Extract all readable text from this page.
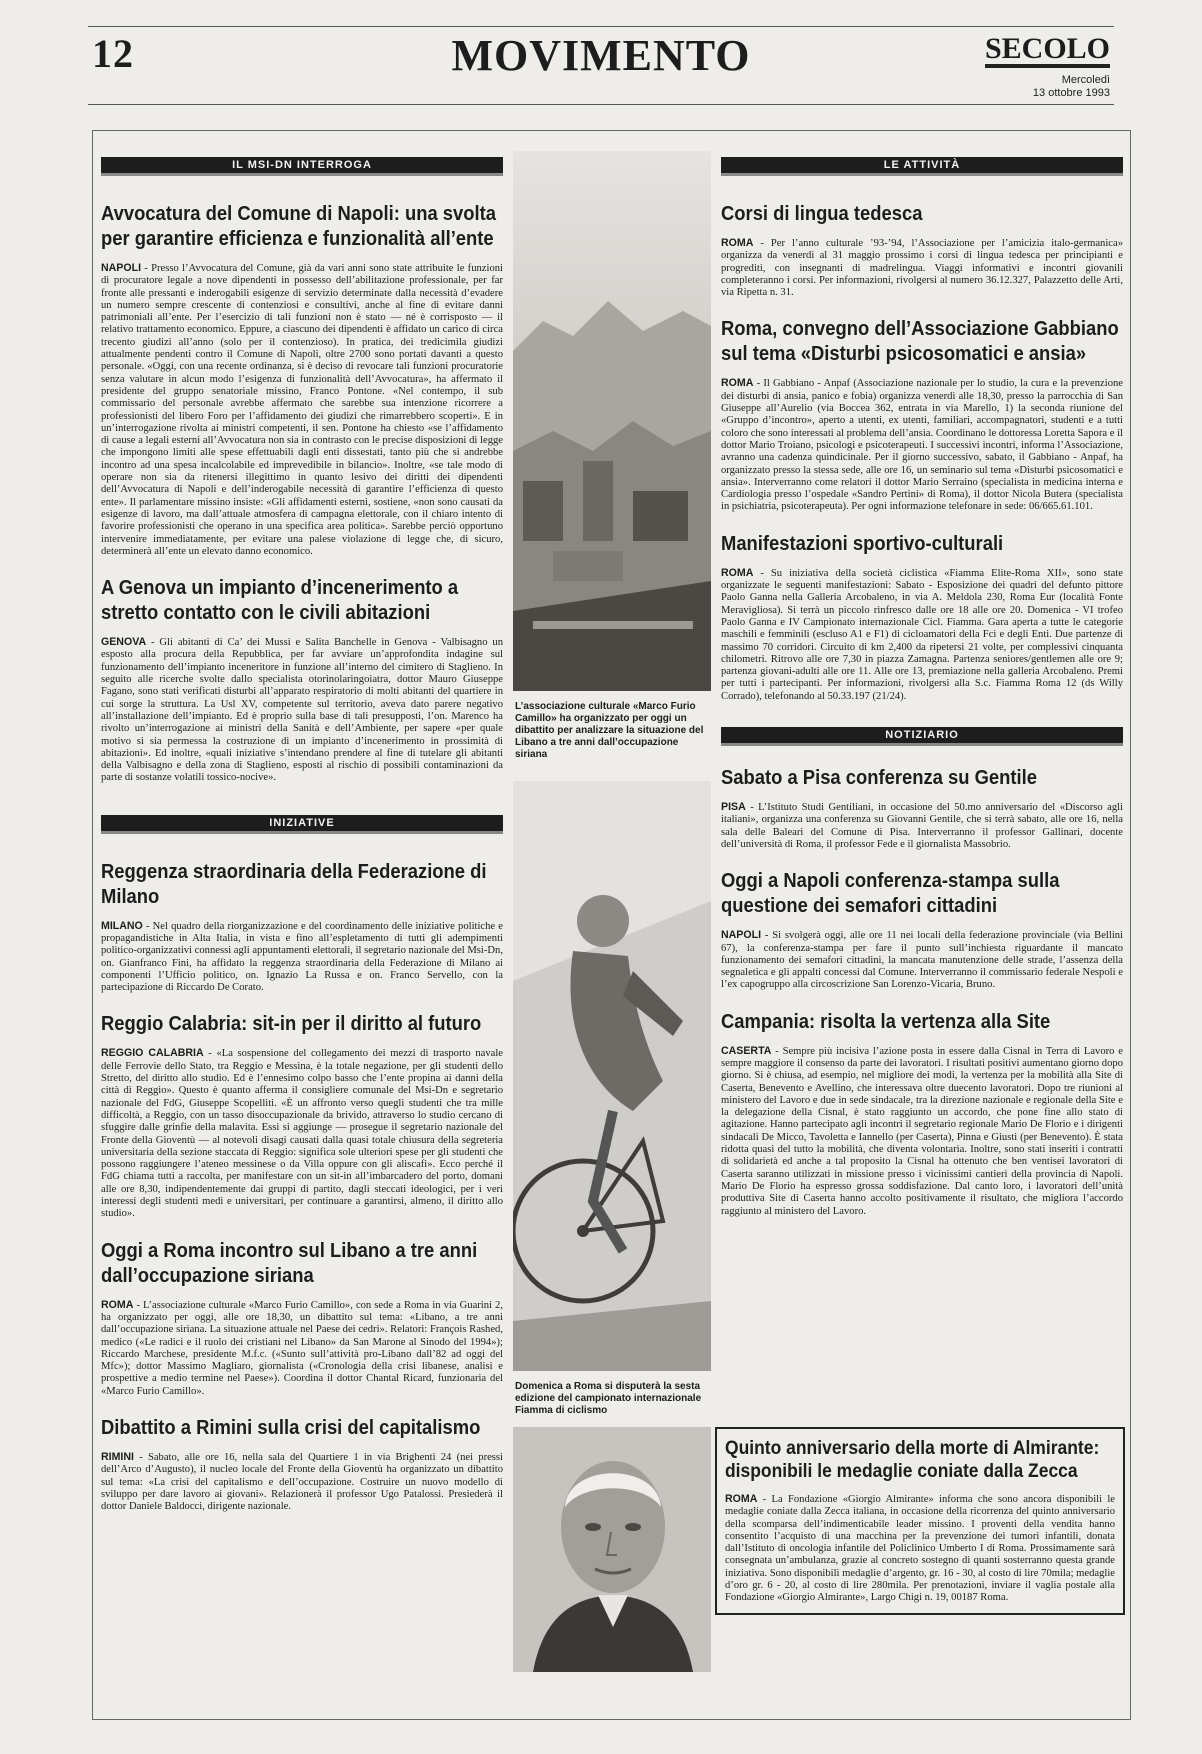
12	MOVIMENTO	SECOLO
Mercoledì
13 ottobre 1993
IL MSI-DN INTERROGA
Avvocatura del Comune di Napoli: una svolta per garantire efficienza e funzionalità all’ente

NAPOLI - Presso l’Avvocatura del Comune, già da vari anni sono state attribuite le funzioni di procuratore legale a nove dipendenti in possesso dell’abilitazione professionale, per far fronte alle pressanti e inderogabili esigenze di servizio determinate dalla necessità d’evadere un numero sempre crescente di contenziosi e consultivi, anche al fine di evitare danni patrimoniali all’ente. Per l’esercizio di tali funzioni non è stato — né è corrisposto — il relativo trattamento economico. Eppure, a ciascuno dei dipendenti è affidato un carico di circa trecento giudizi all’anno (solo per il contenzioso). In pratica, dei tredicimila giudizi attualmente pendenti contro il Comune di Napoli, oltre 2700 sono portati davanti a questo personale. «Oggi, con una recente ordinanza, si è deciso di revocare tali funzioni procuratorie senza valutare in alcun modo l’esigenza di funzionalità dell’Avvocatura», ha affermato il presidente del gruppo senatoriale missino, Franco Pontone. «Nel contempo, il sub commissario del personale avrebbe affermato che sarebbe sua intenzione ricorrere a professionisti del libero Foro per l’affidamento dei giudizi che rimarrebbero scoperti». E in un’interrogazione rivolta ai ministri competenti, il sen. Pontone ha chiesto «se l’affidamento di cause a legali esterni all’Avvocatura non sia in contrasto con le precise disposizioni di legge che impongono limiti alle spese effettuabili dagli enti dissestati, tanto più che si andrebbe incontro ad una spesa incalcolabile ed imprevedibile in bilancio». Inoltre, «se tale modo di operare non sia da ritenersi illegittimo in quanto lesivo dei diritti dei dipendenti dell’Avvocatura di Napoli e dell’inderogabile necessità di garantire l’efficienza di questo ente». Il parlamentare missino insiste: «Gli affidamenti esterni, sostiene, «non sono causati da esigenze di lavoro, ma dall’attuale atmosfera di campagna elettorale, con il chiaro intento di favorire professionisti che operano in una specifica area politica». Sarebbe perciò opportuno intervenire immediatamente, per evitare una palese violazione di legge che, di sicuro, determinerà all’ente un elevato danno economico.

A Genova un impianto d’incenerimento a stretto contatto con le civili abitazioni

GENOVA - Gli abitanti di Ca’ dei Mussi e Salita Banchelle in Genova - Valbisagno un esposto alla procura della Repubblica, per far avviare un’approfondita indagine sul funzionamento dell’impianto inceneritore in funzione all’interno del cimitero di Staglieno. In seguito alle ricerche svolte dallo specialista otorinolaringoiatra, dottor Mauro Giuseppe Fagano, sono stati verificati disturbi all’apparato respiratorio di molti abitanti del quartiere in cui sorge la struttura. La Usl XV, competente sul territorio, aveva dato parere negativo all’installazione dell’impianto. Ed è proprio sulla base di tali presupposti, l’on. Marenco ha rivolto un’interrogazione ai ministri della Sanità e dell’Ambiente, per sapere «per quale motivo si sia permessa la costruzione di un impianto d’incenerimento in prossimità di abitazioni». Ed inoltre, «quali iniziative s’intendano prendere al fine di tutelare gli abitanti della Valbisagno e della zona di Staglieno, esposti al rischio di possibili contaminazioni da parte di sostanze volatili tossico-nocive».

INIZIATIVE
Reggenza straordinaria della Federazione di Milano

MILANO - Nel quadro della riorganizzazione e del coordinamento delle iniziative politiche e propagandistiche in Alta Italia, in vista e fino all’espletamento di tutti gli adempimenti politico-organizzativi connessi agli appuntamenti elettorali, il segretario nazionale del Msi-Dn, on. Gianfranco Fini, ha affidato la reggenza straordinaria della Federazione di Milano ai componenti l’Ufficio politico, on. Ignazio La Russa e on. Franco Servello, con la partecipazione di Riccardo De Corato.

Reggio Calabria: sit-in per il diritto al futuro

REGGIO CALABRIA - «La sospensione del collegamento dei mezzi di trasporto navale delle Ferrovie dello Stato, tra Reggio e Messina, è la totale negazione, per gli studenti dello Stretto, del diritto allo studio. Ed è l’ennesimo colpo basso che l’ente propina ai danni della città di Reggio». Questo è quanto afferma il consigliere comunale del Msi-Dn e segretario nazionale del FdG, Giuseppe Scopelliti. «È un affronto verso quegli studenti che tra mille difficoltà, a Reggio, con un tasso disoccupazionale da brivido, attraverso lo studio cercano di sfuggire dalle grinfie della malavita. Essi si aggiunge — prosegue il segretario nazionale del Fronte della Gioventù — al notevoli disagi causati dalla quasi totale chiusura della segreteria universitaria della sezione staccata di Reggio: significa sole ulteriori spese per gli studenti che possono raggiungere l’ateneo messinese o da Villa oppure con gli aliscafi». Ecco perché il FdG chiama tutti a raccolta, per manifestare con un sit-in all’imbarcadero del porto, domani alle ore 8,30, indipendentemente dai gruppi di partito, dagli steccati ideologici, per i veri interessi degli studenti medi e universitari, per continuare a garantirsi, almeno, il diritto allo studio».

Oggi a Roma incontro sul Libano a tre anni dall’occupazione siriana

ROMA - L’associazione culturale «Marco Furio Camillo», con sede a Roma in via Guarini 2, ha organizzato per oggi, alle ore 18,30, un dibattito sul tema: «Libano, a tre anni dall’occupazione siriana. La situazione attuale nel Paese dei cedri». Relatori: François Rashed, medico («Le radici e il ruolo dei cristiani nel Libano» da San Marone al Sinodo del 1994»); Riccardo Marchese, presidente M.f.c. («Sunto sull’attività pro-Libano dall’82 ad oggi del Mfc»); dottor Massimo Magliaro, giornalista («Cronologia della crisi libanese, analisi e prospettive a medio termine nel Paese»). Coordina il dottor Chantal Ricard, funzionaria del «Marco Furio Camillo».

Dibattito a Rimini sulla crisi del capitalismo

RIMINI - Sabato, alle ore 16, nella sala del Quartiere 1 in via Brighenti 24 (nei pressi dell’Arco d’Augusto), il nucleo locale del Fronte della Gioventù ha organizzato un dibattito sul tema: «La crisi del capitalismo e dell’occupazione. Costruire un nuovo modello di sviluppo per dare lavoro ai giovani». Relazionerà il professor Ugo Patalossi. Presiederà il dottor Daniele Baldocci, dirigente nazionale.

L’associazione culturale «Marco Furio Camillo» ha organizzato per oggi un dibattito per analizzare la situazione del Libano a tre anni dall’occupazione siriana
Domenica a Roma si disputerà la sesta edizione del campionato internazionale Fiamma di ciclismo
LE ATTIVITÀ
Corsi di lingua tedesca

ROMA - Per l’anno culturale ’93-’94, l’Associazione per l’amicizia italo-germanica» organizza da venerdì al 31 maggio prossimo i corsi di lingua tedesca per principianti e progrediti, con insegnanti di madrelingua. Viaggi informativi e incontri giovanili completeranno i corsi. Per informazioni, rivolgersi al numero 36.12.327, Palazzetto delle Arti, via Ripetta n. 31.

Roma, convegno dell’Associazione Gabbiano sul tema «Disturbi psicosomatici e ansia»

ROMA - Il Gabbiano - Anpaf (Associazione nazionale per lo studio, la cura e la prevenzione dei disturbi di ansia, panico e fobia) organizza venerdì alle 18,30, presso la parrocchia di San Giuseppe all’Aurelio (via Boccea 362, entrata in via Marello, 1) la seconda riunione del «Gruppo d’incontro», aperto a utenti, ex utenti, familiari, accompagnatori, studenti e a tutti coloro che sono interessati al problema dell’ansia. Coordinano le dottoressa Loretta Sapora e il dottor Mario Troiano, psicologi e psicoterapeuti. I successivi incontri, informa l’Associazione, avranno una cadenza quindicinale. Per il giorno successivo, sabato, il Gabbiano - Anpaf, ha organizzato presso la stessa sede, alle ore 16, un seminario sul tema «Disturbi psicosomatici e ansia». Interverranno come relatori il dottor Mario Serraino (specialista in medicina interna e Cardiologia presso l’ospedale «Sandro Pertini» di Roma), il dottor Nicola Butera (specialista in psichiatria, psicoterapeuta). Per ogni informazione telefonare in sede: 06/665.61.101.

Manifestazioni sportivo-culturali

ROMA - Su iniziativa della società ciclistica «Fiamma Elite-Roma XII», sono state organizzate le seguenti manifestazioni: Sabato - Esposizione dei quadri del defunto pittore Paolo Ganna nella Galleria Arcobaleno, in via A. Meldola 230, Roma Eur (località Fonte Meravigliosa). Si terrà un piccolo rinfresco dalle ore 18 alle ore 20. Domenica - VI trofeo Paolo Ganna e IV Campionato internazionale Cicl. Fiamma. Gara aperta a tutte le categorie maschili e femminili (escluso A1 e F1) di cicloamatori della Fci e degli Enti. Due partenze di massimo 70 corridori. Circuito di km 2,400 da ripetersi 21 volte, per complessivi cinquanta chilometri. Ritrovo alle ore 7,30 in piazza Zamagna. Partenza seniores/gentlemen alle ore 9; partenza giovani-adulti alle ore 11. Alle ore 13, premiazione nella galleria Arcobaleno. Premi per tutti i partecipanti. Per informazioni, rivolgersi alla S.c. Fiamma Roma 12 (ds Willy Corrado), telefonando al 50.33.197 (21/24).

NOTIZIARIO
Sabato a Pisa conferenza su Gentile

PISA - L’Istituto Studi Gentiliani, in occasione del 50.mo anniversario del «Discorso agli italiani», organizza una conferenza su Giovanni Gentile, che si terrà sabato, alle ore 16, nella sala delle Baleari del Comune di Pisa. Interverranno il professor Gallinari, docente dell’università di Roma, il professor Fede e il giornalista Massobrio.

Oggi a Napoli conferenza-stampa sulla questione dei semafori cittadini

NAPOLI - Si svolgerà oggi, alle ore 11 nei locali della federazione provinciale (via Bellini 67), la conferenza-stampa per fare il punto sull’inchiesta riguardante il mancato funzionamento dei semafori cittadini, la mancata manutenzione delle strade, l’assenza della segnaletica e gli appalti concessi dal Comune. Interverranno il commissario federale Nespoli e l’ex capogruppo alla circoscrizione San Lorenzo-Vicaria, Bruno.

Campania: risolta la vertenza alla Site

CASERTA - Sempre più incisiva l’azione posta in essere dalla Cisnal in Terra di Lavoro e sempre maggiore il consenso da parte dei lavoratori. I risultati positivi aumentano giorno dopo giorno. Si è chiusa, ad esempio, nel migliore dei modi, la vertenza per la mobilità alla Site di Caserta, Benevento e Avellino, che interessava oltre duecento lavoratori. Dopo tre riunioni al ministero del Lavoro e due in sede sindacale, tra la direzione nazionale e regionale della Site e la delegazione della Cisnal, è stato raggiunto un accordo, che pone fine allo stato di agitazione. Hanno partecipato agli incontri il segretario regionale Mario De Florio e i dirigenti sindacali De Micco, Tavoletta e Iannello (per Caserta), Pinna e Giusti (per Benevento). È stata ridotta quasi del tutto la mobilità, che diventa volontaria. Inoltre, sono stati inseriti i contratti di solidarietà ed anche a tal proposito la Cisnal ha ottenuto che ben ventisei lavoratori di Caserta saranno utilizzati in missione presso i vicinissimi cantieri della provincia di Napoli. Mario De Florio ha espresso grossa soddisfazione. Dal canto loro, i lavoratori dell’unità produttiva Site di Caserta hanno accolto positivamente il risultato, che migliora l’accordo raggiunto al ministero del Lavoro.

Quinto anniversario della morte di Almirante: disponibili le medaglie coniate dalla Zecca

ROMA - La Fondazione «Giorgio Almirante» informa che sono ancora disponibili le medaglie coniate dalla Zecca italiana, in occasione della ricorrenza del quinto anniversario della scomparsa dell’indimenticabile leader missino. I proventi della vendita hanno consentito l’acquisto di una macchina per la prevenzione dei tumori infantili, donata dall’Istituto di oncologia infantile del Policlinico Umberto I di Roma. Prossimamente sarà consegnata un’ambulanza, grazie al concreto sostegno di quanti sosterranno questa grande iniziativa. Sono disponibili medaglie d’argento, gr. 16 - 30, al costo di lire 70mila; medaglie d’oro gr. 6 - 20, al costo di lire 280mila. Per prenotazioni, inviare il vaglia postale alla Fondazione «Giorgio Almirante», Largo Chigi n. 19, 00187 Roma.
